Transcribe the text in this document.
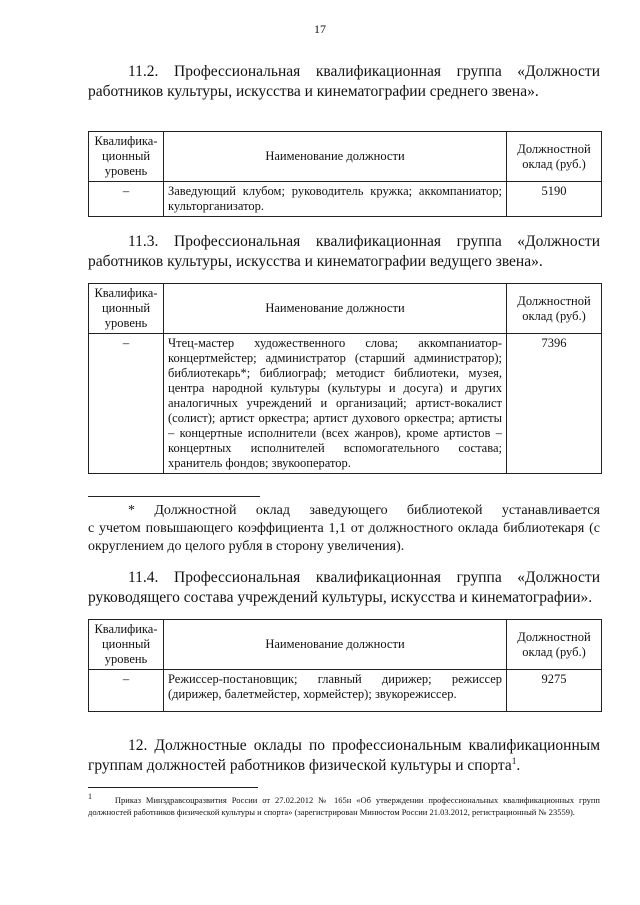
17
11.2. Профессиональная квалификационная группа «Должности
работников культуры, искусства и кинематографии среднего звена».
Квалифика-ционный уровень	Наименование должности	Должностной оклад (руб.)
–	Заведующий клубом; руководитель кружка; аккомпаниатор; культорганизатор.	5190
11.3. Профессиональная квалификационная группа «Должности
работников культуры, искусства и кинематографии ведущего звена».
Квалифика-ционный уровень	Наименование должности	Должностной оклад (руб.)
–	Чтец-мастер художественного слова; аккомпаниатор-концертмейстер; администратор (старший администратор); библиотекарь*; библиограф; методист библиотеки, музея, центра народной культуры (культуры и досуга) и других аналогичных учреждений и организаций; артист-вокалист (солист); артист оркестра; артист духового оркестра; артисты – концертные исполнители (всех жанров), кроме артистов – концертных исполнителей вспомогательного состава; хранитель фондов; звукооператор.	7396
* Должностной оклад заведующего библиотекой устанавливается
с учетом повышающего коэффициента 1,1 от должностного оклада библиотекаря (с округлением до целого рубля в сторону увеличения).
11.4. Профессиональная квалификационная группа «Должности
руководящего состава учреждений культуры, искусства и кинематографии».
Квалифика-ционный уровень	Наименование должности	Должностной оклад (руб.)
–	Режиссер-постановщик; главный дирижер; режиссер (дирижер, балетмейстер, хормейстер); звукорежиссер.	9275
12. Должностные оклады по профессиональным квалификационным
группам должностей работников физической культуры и спорта$^1$.
1	Приказ Минздравсоцразвития России от 27.02.2012 № 165н «Об утверждении профессиональных квалификационных групп должностей работников физической культуры и спорта» (зарегистрирован Минюстом России 21.03.2012, регистрационный № 23559).
